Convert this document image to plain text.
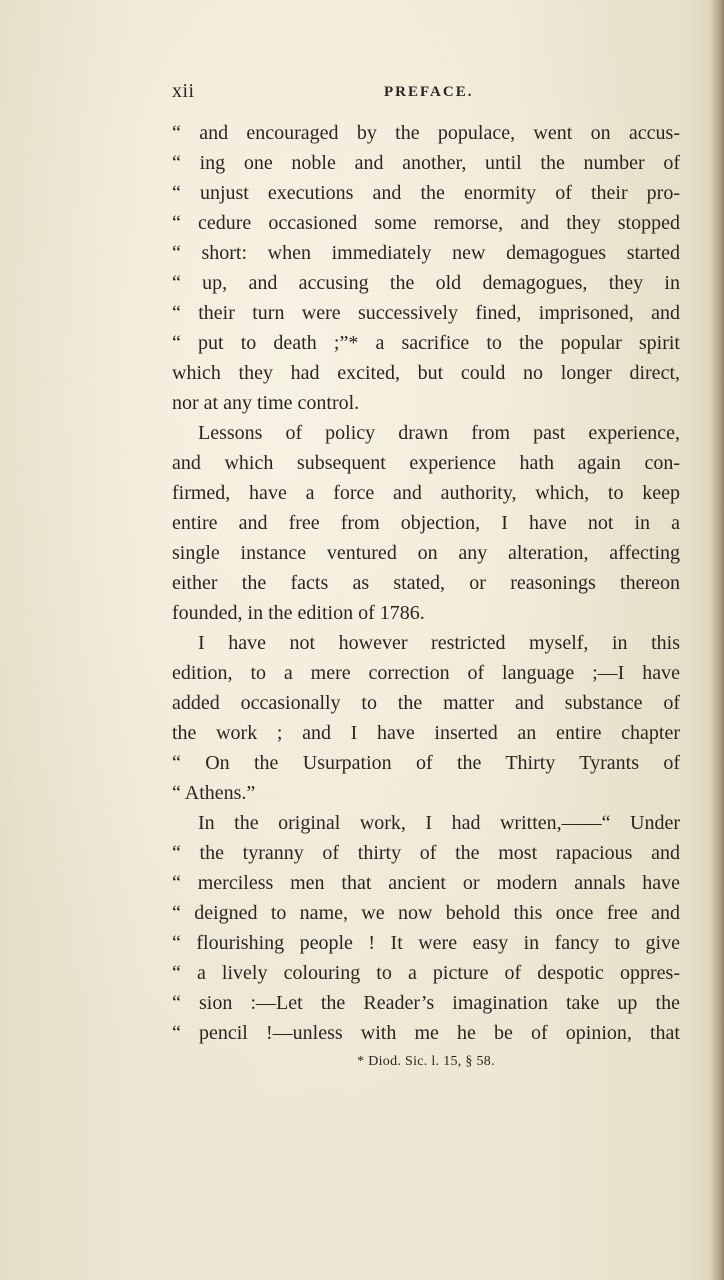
xii	PREFACE.
“ and encouraged by the populace, went on accus-
“ ing one noble and another, until the number of
“ unjust executions and the enormity of their pro-
“ cedure occasioned some remorse, and they stopped
“ short: when immediately new demagogues started
“ up, and accusing the old demagogues, they in
“ their turn were successively fined, imprisoned, and
“ put to death ;”* a sacrifice to the popular spirit
which they had excited, but could no longer direct,
nor at any time control.
Lessons of policy drawn from past experience,
and which subsequent experience hath again con-
firmed, have a force and authority, which, to keep
entire and free from objection, I have not in a
single instance ventured on any alteration, affecting
either the facts as stated, or reasonings thereon
founded, in the edition of 1786.
I have not however restricted myself, in this
edition, to a mere correction of language ;—I have
added occasionally to the matter and substance of
the work ; and I have inserted an entire chapter
“ On the Usurpation of the Thirty Tyrants of
“ Athens.”
In the original work, I had written,——“ Under
“ the tyranny of thirty of the most rapacious and
“ merciless men that ancient or modern annals have
“ deigned to name, we now behold this once free and
“ flourishing people ! It were easy in fancy to give
“ a lively colouring to a picture of despotic oppres-
“ sion :—Let the Reader’s imagination take up the
“ pencil !—unless with me he be of opinion, that
* Diod. Sic. l. 15, § 58.
